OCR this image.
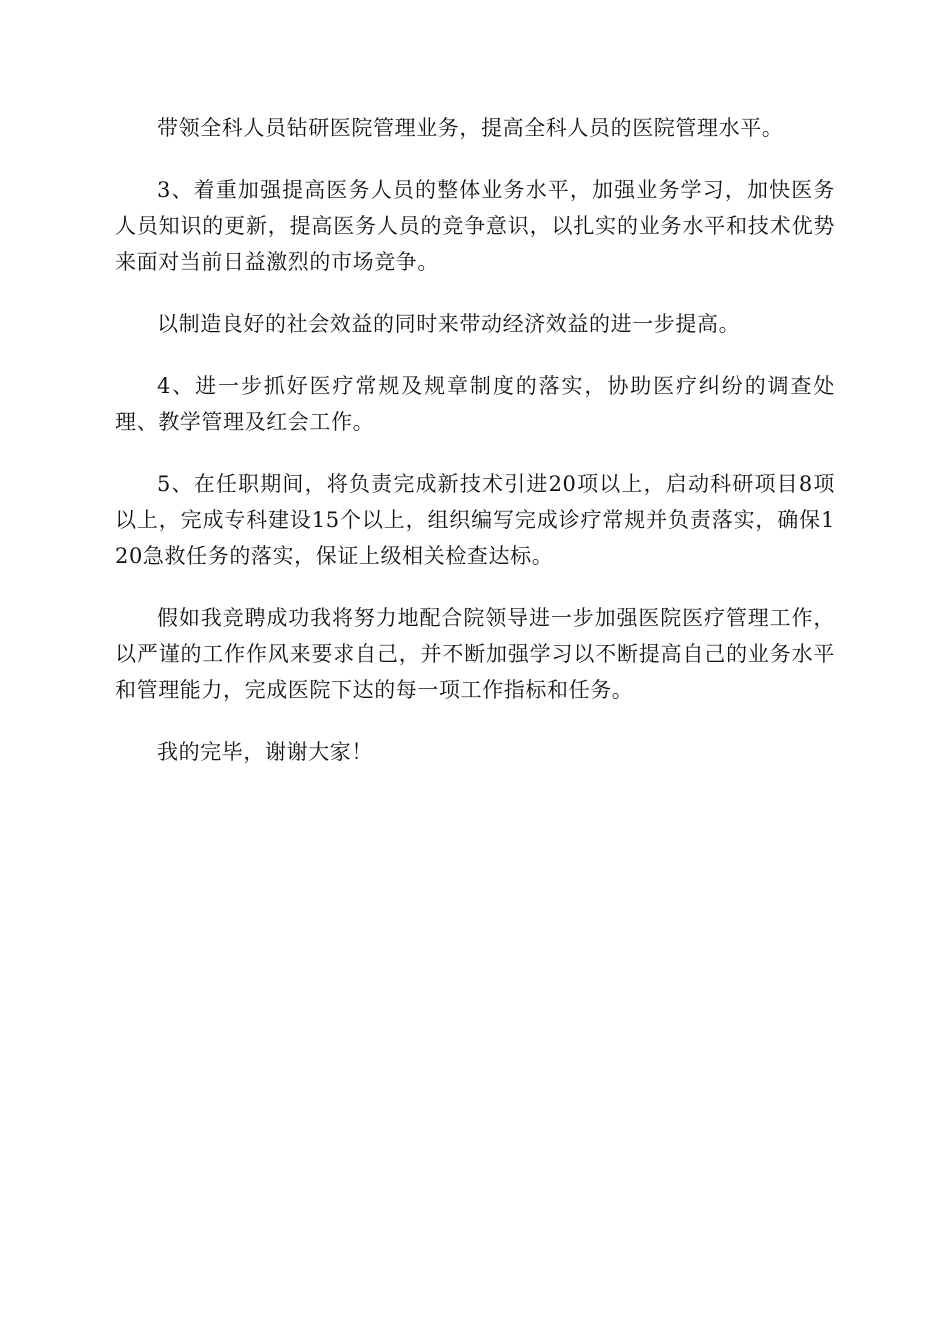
带领全科人员钻研医院管理业务，提高全科人员的医院管理水平。

3、着重加强提高医务人员的整体业务水平，加强业务学习，加快医务人员知识的更新，提高医务人员的竞争意识，以扎实的业务水平和技术优势来面对当前日益激烈的市场竞争。

以制造良好的社会效益的同时来带动经济效益的进一步提高。

4、进一步抓好医疗常规及规章制度的落实，协助医疗纠纷的调查处理、教学管理及红会工作。

5、在任职期间，将负责完成新技术引进20项以上，启动科研项目8项以上，完成专科建设15个以上，组织编写完成诊疗常规并负责落实，确保120急救任务的落实，保证上级相关检查达标。

假如我竞聘成功我将努力地配合院领导进一步加强医院医疗管理工作，以严谨的工作作风来要求自己，并不断加强学习以不断提高自己的业务水平和管理能力，完成医院下达的每一项工作指标和任务。

我的完毕，谢谢大家！
